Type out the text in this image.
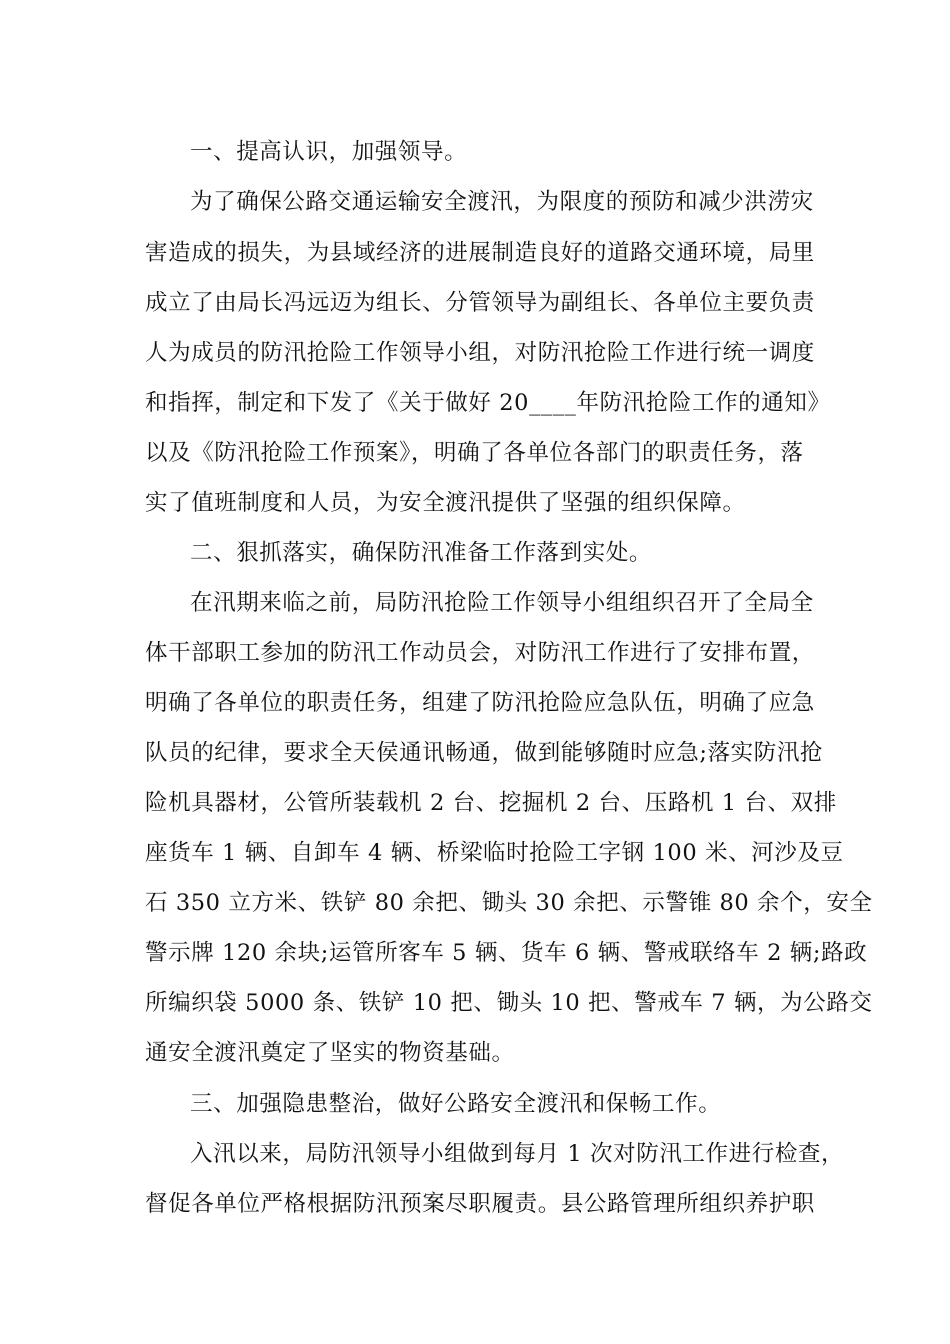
一、提高认识，加强领导。
为了确保公路交通运输安全渡汛，为限度的预防和减少洪涝灾
害造成的损失，为县域经济的进展制造良好的道路交通环境，局里
成立了由局长冯远迈为组长、分管领导为副组长、各单位主要负责
人为成员的防汛抢险工作领导小组，对防汛抢险工作进行统一调度
和指挥，制定和下发了《关于做好 20____年防汛抢险工作的通知》
以及《防汛抢险工作预案》，明确了各单位各部门的职责任务，落
实了值班制度和人员，为安全渡汛提供了坚强的组织保障。
二、狠抓落实，确保防汛准备工作落到实处。
在汛期来临之前，局防汛抢险工作领导小组组织召开了全局全
体干部职工参加的防汛工作动员会，对防汛工作进行了安排布置，
明确了各单位的职责任务，组建了防汛抢险应急队伍，明确了应急
队员的纪律，要求全天侯通讯畅通，做到能够随时应急;落实防汛抢
险机具器材，公管所装载机 2 台、挖掘机 2 台、压路机 1 台、双排
座货车 1 辆、自卸车 4 辆、桥梁临时抢险工字钢 100 米、河沙及豆
石 350 立方米、铁铲 80 余把、锄头 30 余把、示警锥 80 余个，安全
警示牌 120 余块;运管所客车 5 辆、货车 6 辆、警戒联络车 2 辆;路政
所编织袋 5000 条、铁铲 10 把、锄头 10 把、警戒车 7 辆，为公路交
通安全渡汛奠定了坚实的物资基础。
三、加强隐患整治，做好公路安全渡汛和保畅工作。
入汛以来，局防汛领导小组做到每月 1 次对防汛工作进行检查，
督促各单位严格根据防汛预案尽职履责。县公路管理所组织养护职
